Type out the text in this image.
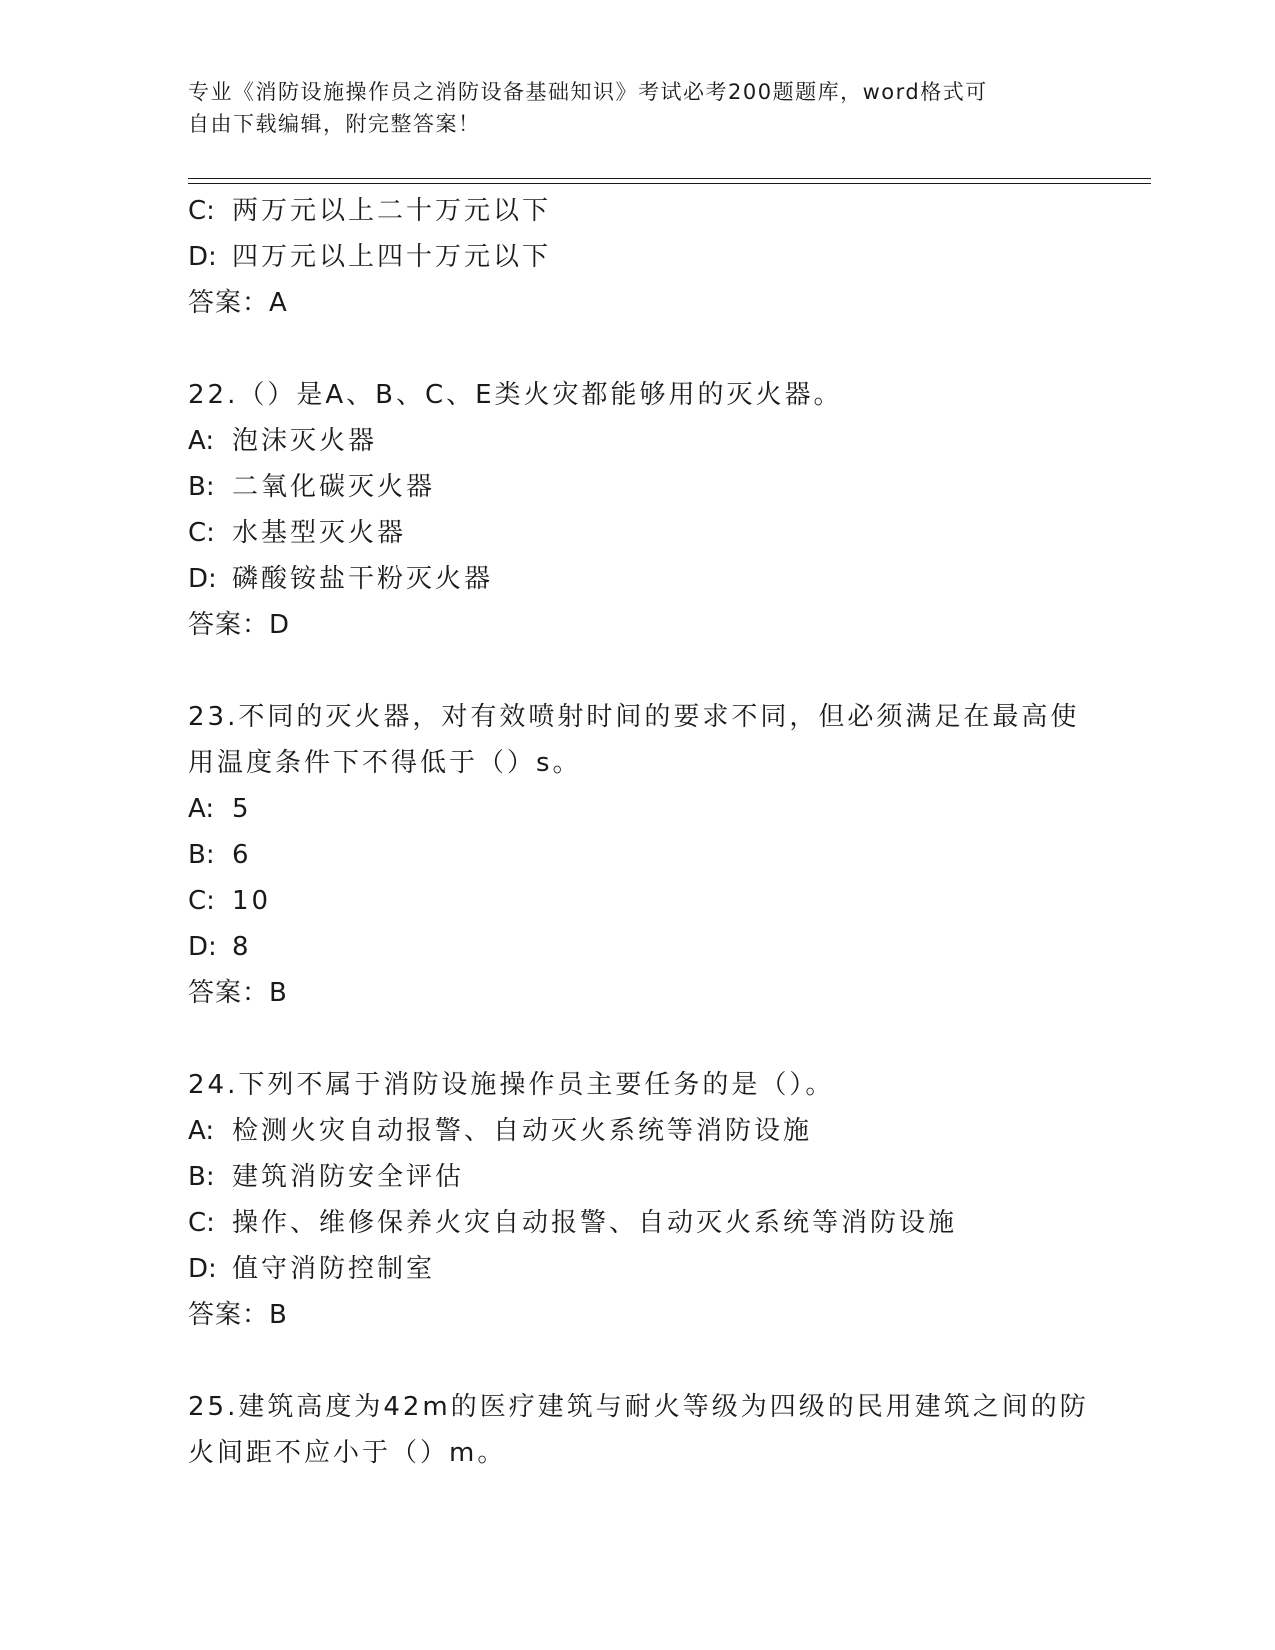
专业《消防设施操作员之消防设备基础知识》考试必考200题题库，word格式可
自由下载编辑，附完整答案！
C: 两万元以上二十万元以下
D: 四万元以上四十万元以下
答案：A
22.（）是A、B、C、E类火灾都能够用的灭火器。
A: 泡沫灭火器
B: 二氧化碳灭火器
C: 水基型灭火器
D: 磷酸铵盐干粉灭火器
答案：D
23.不同的灭火器，对有效喷射时间的要求不同，但必须满足在最高使
用温度条件下不得低于（）s。
A: 5
B: 6
C: 10
D: 8
答案：B
24.下列不属于消防设施操作员主要任务的是（）。
A: 检测火灾自动报警、自动灭火系统等消防设施
B: 建筑消防安全评估
C: 操作、维修保养火灾自动报警、自动灭火系统等消防设施
D: 值守消防控制室
答案：B
25.建筑高度为42m的医疗建筑与耐火等级为四级的民用建筑之间的防
火间距不应小于（）m。
